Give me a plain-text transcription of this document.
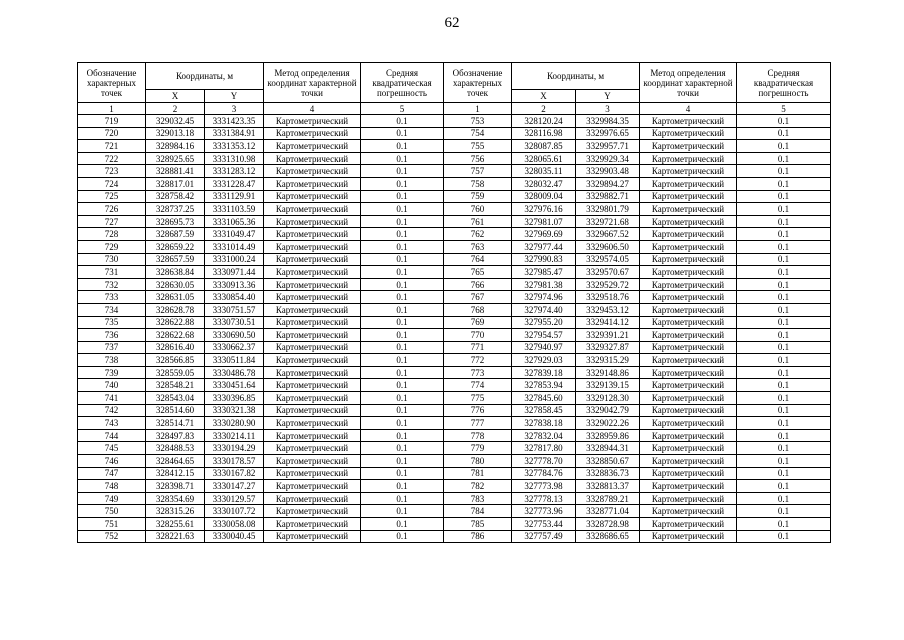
62
Обозначение характерных точек	Координаты, м		Метод определения координат характерной точки	Средняя квадратическая погрешность	Обозначение характерных точек	Координаты, м		Метод определения координат характерной точки	Средняя квадратическая погрешность
	X	Y				X	Y		
1	2	3	4	5	1	2	3	4	5
719	329032.45	3331423.35	Картометрический	0.1	753	328120.24	3329984.35	Картометрический	0.1
720	329013.18	3331384.91	Картометрический	0.1	754	328116.98	3329976.65	Картометрический	0.1
721	328984.16	3331353.12	Картометрический	0.1	755	328087.85	3329957.71	Картометрический	0.1
722	328925.65	3331310.98	Картометрический	0.1	756	328065.61	3329929.34	Картометрический	0.1
723	328881.41	3331283.12	Картометрический	0.1	757	328035.11	3329903.48	Картометрический	0.1
724	328817.01	3331228.47	Картометрический	0.1	758	328032.47	3329894.27	Картометрический	0.1
725	328758.42	3331129.91	Картометрический	0.1	759	328009.04	3329882.71	Картометрический	0.1
726	328737.25	3331103.59	Картометрический	0.1	760	327976.16	3329801.79	Картометрический	0.1
727	328695.73	3331065.36	Картометрический	0.1	761	327981.07	3329721.68	Картометрический	0.1
728	328687.59	3331049.47	Картометрический	0.1	762	327969.69	3329667.52	Картометрический	0.1
729	328659.22	3331014.49	Картометрический	0.1	763	327977.44	3329606.50	Картометрический	0.1
730	328657.59	3331000.24	Картометрический	0.1	764	327990.83	3329574.05	Картометрический	0.1
731	328638.84	3330971.44	Картометрический	0.1	765	327985.47	3329570.67	Картометрический	0.1
732	328630.05	3330913.36	Картометрический	0.1	766	327981.38	3329529.72	Картометрический	0.1
733	328631.05	3330854.40	Картометрический	0.1	767	327974.96	3329518.76	Картометрический	0.1
734	328628.78	3330751.57	Картометрический	0.1	768	327974.40	3329453.12	Картометрический	0.1
735	328622.88	3330730.51	Картометрический	0.1	769	327955.20	3329414.12	Картометрический	0.1
736	328622.68	3330690.50	Картометрический	0.1	770	327954.57	3329391.21	Картометрический	0.1
737	328616.40	3330662.37	Картометрический	0.1	771	327940.97	3329327.87	Картометрический	0.1
738	328566.85	3330511.84	Картометрический	0.1	772	327929.03	3329315.29	Картометрический	0.1
739	328559.05	3330486.78	Картометрический	0.1	773	327839.18	3329148.86	Картометрический	0.1
740	328548.21	3330451.64	Картометрический	0.1	774	327853.94	3329139.15	Картометрический	0.1
741	328543.04	3330396.85	Картометрический	0.1	775	327845.60	3329128.30	Картометрический	0.1
742	328514.60	3330321.38	Картометрический	0.1	776	327858.45	3329042.79	Картометрический	0.1
743	328514.71	3330280.90	Картометрический	0.1	777	327838.18	3329022.26	Картометрический	0.1
744	328497.83	3330214.11	Картометрический	0.1	778	327832.04	3328959.86	Картометрический	0.1
745	328488.53	3330194.29	Картометрический	0.1	779	327817.80	3328944.31	Картометрический	0.1
746	328464.65	3330178.57	Картометрический	0.1	780	327778.70	3328850.67	Картометрический	0.1
747	328412.15	3330167.82	Картометрический	0.1	781	327784.76	3328836.73	Картометрический	0.1
748	328398.71	3330147.27	Картометрический	0.1	782	327773.98	3328813.37	Картометрический	0.1
749	328354.69	3330129.57	Картометрический	0.1	783	327778.13	3328789.21	Картометрический	0.1
750	328315.26	3330107.72	Картометрический	0.1	784	327773.96	3328771.04	Картометрический	0.1
751	328255.61	3330058.08	Картометрический	0.1	785	327753.44	3328728.98	Картометрический	0.1
752	328221.63	3330040.45	Картометрический	0.1	786	327757.49	3328686.65	Картометрический	0.1
